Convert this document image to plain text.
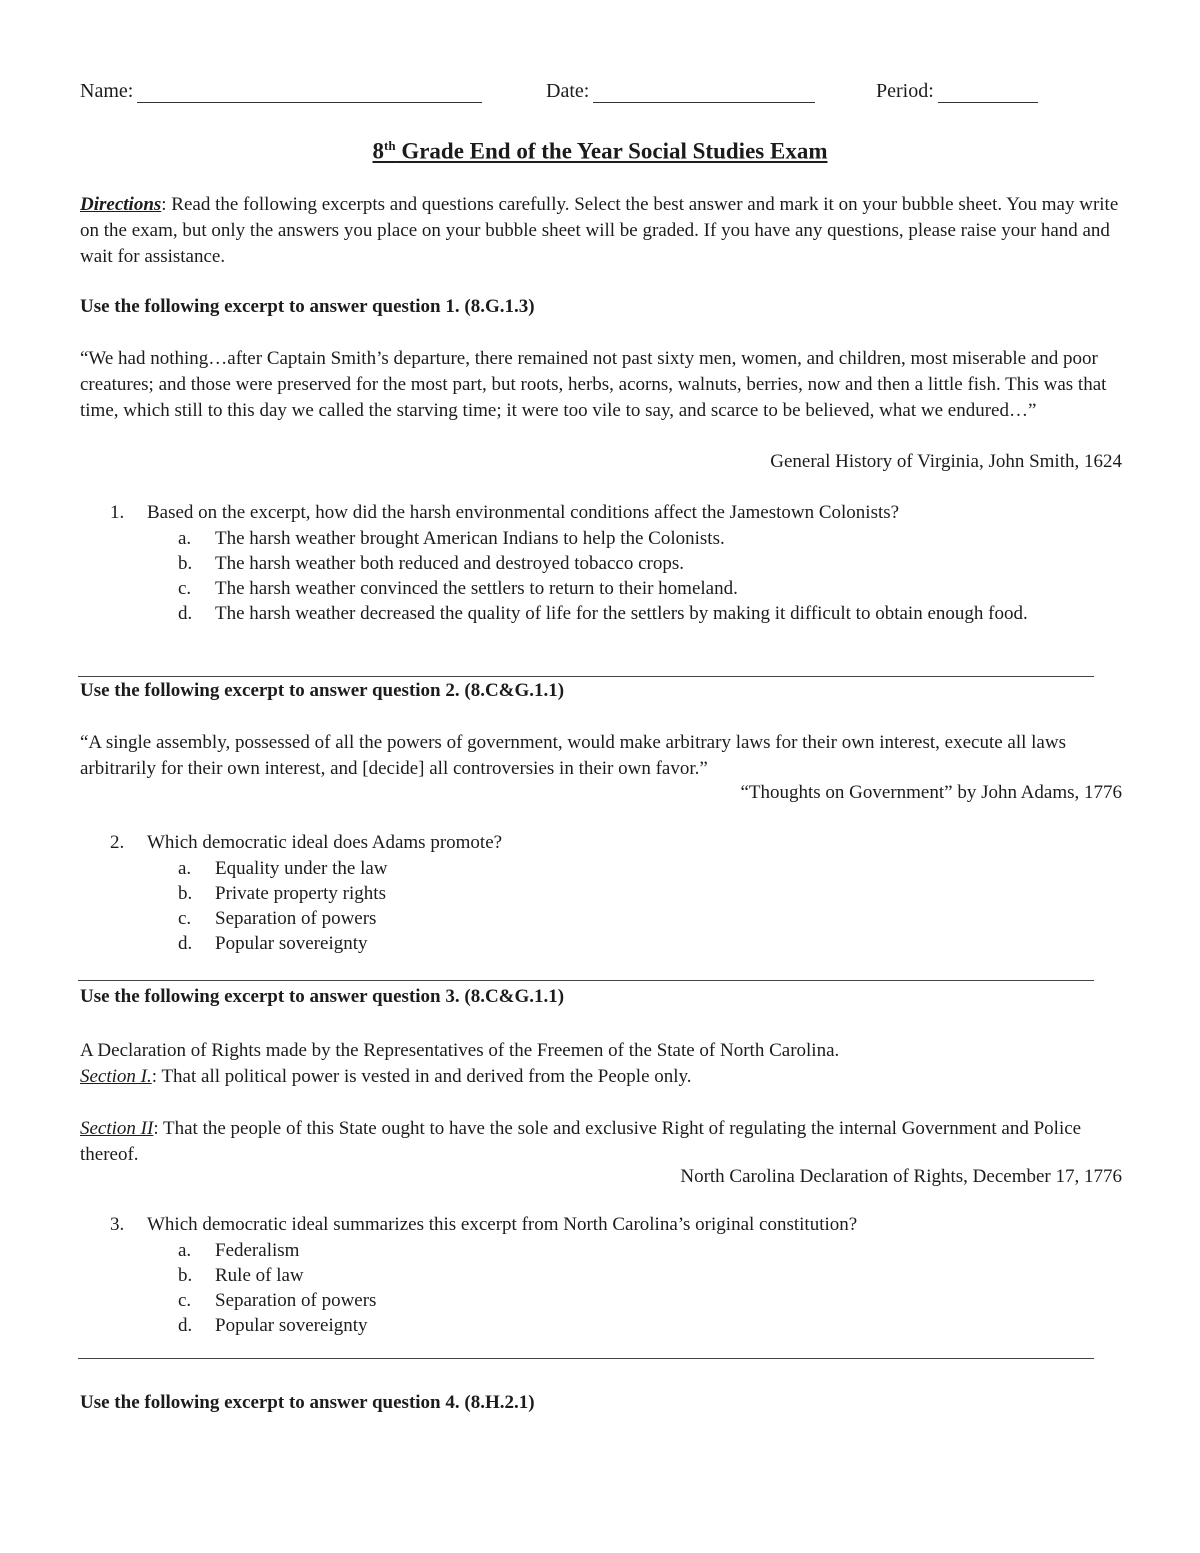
Name:	Date:	Period:
8th Grade End of the Year Social Studies Exam
Directions: Read the following excerpts and questions carefully. Select the best answer and mark it on your bubble sheet. You may write on the exam, but only the answers you place on your bubble sheet will be graded. If you have any questions, please raise your hand and wait for assistance.
Use the following excerpt to answer question 1. (8.G.1.3)
“We had nothing…after Captain Smith’s departure, there remained not past sixty men, women, and children, most miserable and poor creatures; and those were preserved for the most part, but roots, herbs, acorns, walnuts, berries, now and then a little fish. This was that time, which still to this day we called the starving time; it were too vile to say, and scarce to be believed, what we endured…”
General History of Virginia, John Smith, 1624
1. Based on the excerpt, how did the harsh environmental conditions affect the Jamestown Colonists?
a. The harsh weather brought American Indians to help the Colonists.
b. The harsh weather both reduced and destroyed tobacco crops.
c. The harsh weather convinced the settlers to return to their homeland.
d. The harsh weather decreased the quality of life for the settlers by making it difficult to obtain enough food.
Use the following excerpt to answer question 2. (8.C&G.1.1)
“A single assembly, possessed of all the powers of government, would make arbitrary laws for their own interest, execute all laws arbitrarily for their own interest, and [decide] all controversies in their own favor.”
“Thoughts on Government” by John Adams, 1776
2. Which democratic ideal does Adams promote?
a. Equality under the law
b. Private property rights
c. Separation of powers
d. Popular sovereignty
Use the following excerpt to answer question 3. (8.C&G.1.1)
A Declaration of Rights made by the Representatives of the Freemen of the State of North Carolina.
Section I.: That all political power is vested in and derived from the People only.
Section II: That the people of this State ought to have the sole and exclusive Right of regulating the internal Government and Police thereof.
North Carolina Declaration of Rights, December 17, 1776
3. Which democratic ideal summarizes this excerpt from North Carolina’s original constitution?
a. Federalism
b. Rule of law
c. Separation of powers
d. Popular sovereignty
Use the following excerpt to answer question 4. (8.H.2.1)
